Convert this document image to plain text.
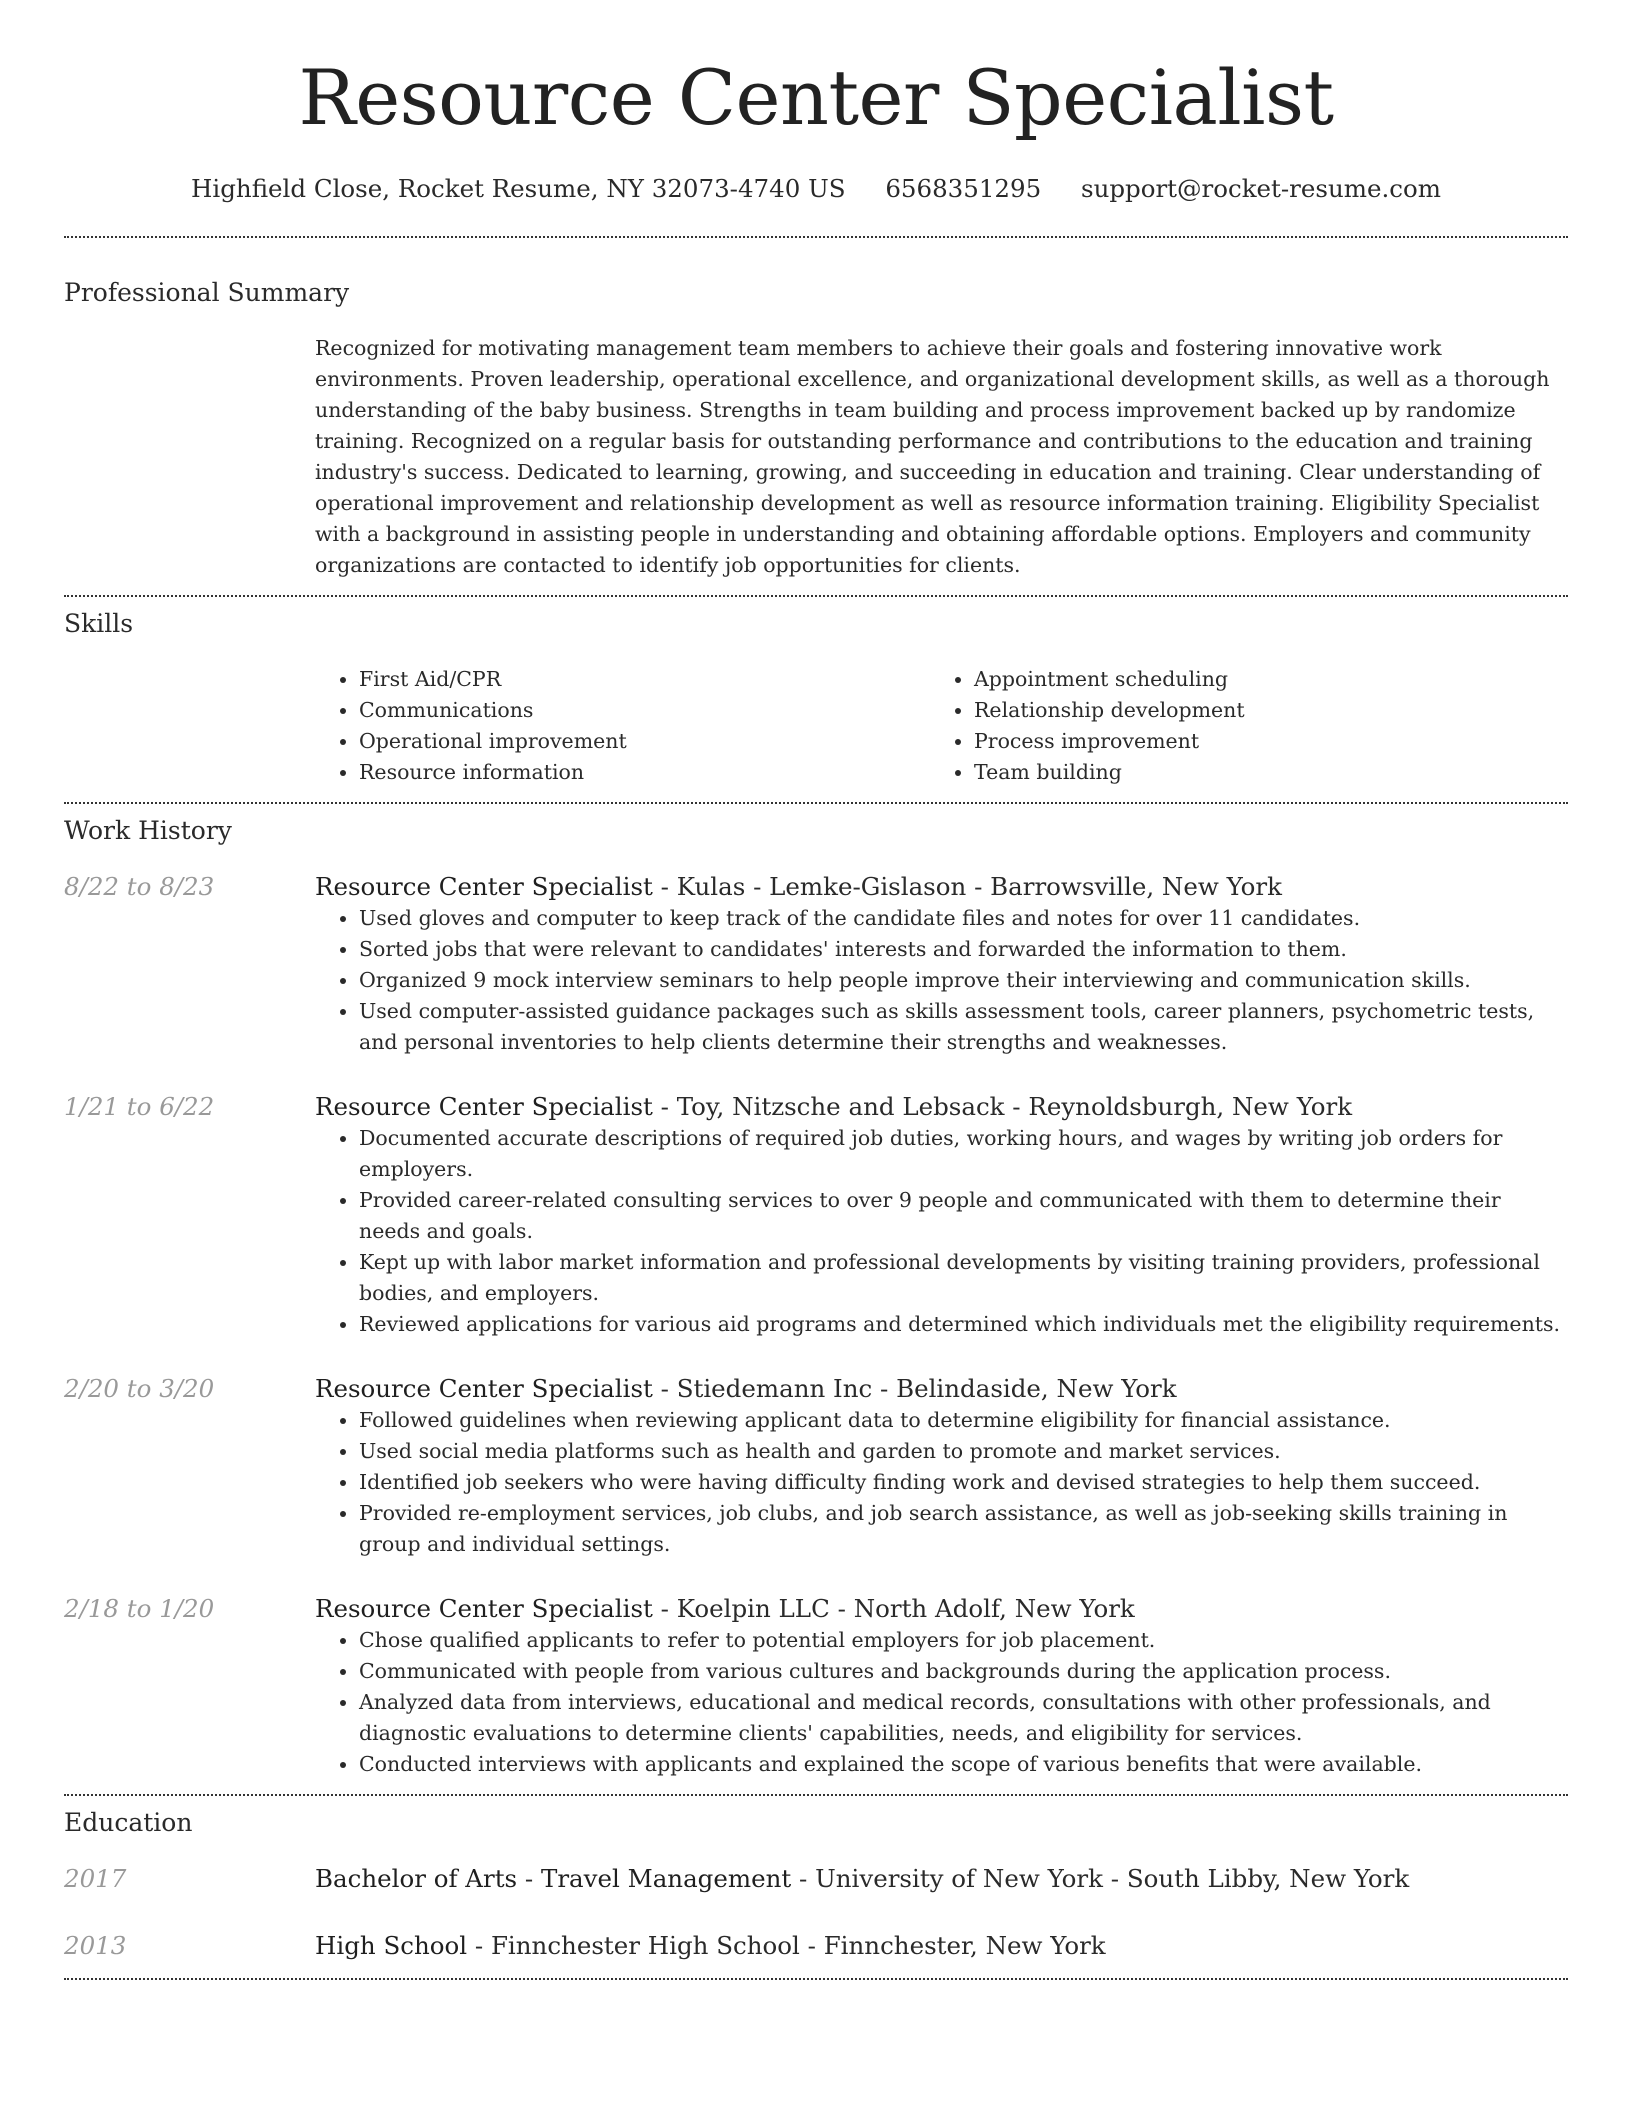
Resource Center Specialist
Highfield Close, Rocket Resume, NY 32073-4740 US 6568351295 support@rocket-resume.com
Professional Summary
Recognized for motivating management team members to achieve their goals and fostering innovative work environments. Proven leadership, operational excellence, and organizational development skills, as well as a thorough understanding of the baby business. Strengths in team building and process improvement backed up by randomize training. Recognized on a regular basis for outstanding performance and contributions to the education and training industry's success. Dedicated to learning, growing, and succeeding in education and training. Clear understanding of operational improvement and relationship development as well as resource information training. Eligibility Specialist with a background in assisting people in understanding and obtaining affordable options. Employers and community organizations are contacted to identify job opportunities for clients.
Skills
• First Aid/CPR
• Communications
• Operational improvement
• Resource information
• Appointment scheduling
• Relationship development
• Process improvement
• Team building
Work History
8/22 to 8/23	Resource Center Specialist - Kulas - Lemke-Gislason - Barrowsville, New York
• Used gloves and computer to keep track of the candidate files and notes for over 11 candidates.
• Sorted jobs that were relevant to candidates' interests and forwarded the information to them.
• Organized 9 mock interview seminars to help people improve their interviewing and communication skills.
• Used computer-assisted guidance packages such as skills assessment tools, career planners, psychometric tests, and personal inventories to help clients determine their strengths and weaknesses.
1/21 to 6/22	Resource Center Specialist - Toy, Nitzsche and Lebsack - Reynoldsburgh, New York
• Documented accurate descriptions of required job duties, working hours, and wages by writing job orders for employers.
• Provided career-related consulting services to over 9 people and communicated with them to determine their needs and goals.
• Kept up with labor market information and professional developments by visiting training providers, professional bodies, and employers.
• Reviewed applications for various aid programs and determined which individuals met the eligibility requirements.
2/20 to 3/20	Resource Center Specialist - Stiedemann Inc - Belindaside, New York
• Followed guidelines when reviewing applicant data to determine eligibility for financial assistance.
• Used social media platforms such as health and garden to promote and market services.
• Identified job seekers who were having difficulty finding work and devised strategies to help them succeed.
• Provided re-employment services, job clubs, and job search assistance, as well as job-seeking skills training in group and individual settings.
2/18 to 1/20	Resource Center Specialist - Koelpin LLC - North Adolf, New York
• Chose qualified applicants to refer to potential employers for job placement.
• Communicated with people from various cultures and backgrounds during the application process.
• Analyzed data from interviews, educational and medical records, consultations with other professionals, and diagnostic evaluations to determine clients' capabilities, needs, and eligibility for services.
• Conducted interviews with applicants and explained the scope of various benefits that were available.
Education
2017	Bachelor of Arts - Travel Management - University of New York - South Libby, New York
2013	High School - Finnchester High School - Finnchester, New York
